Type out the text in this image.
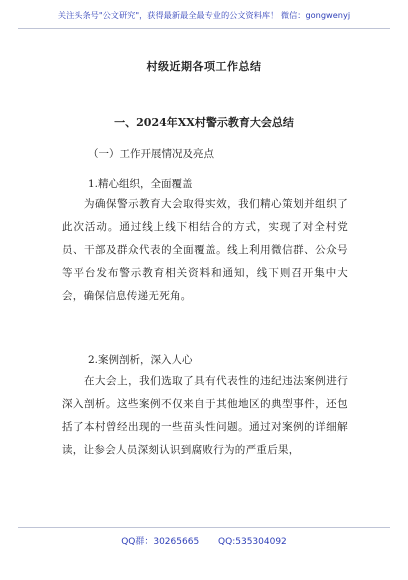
关注头条号"公文研究"，获得最新最全最专业的公文资料库！ 微信：gongwenyj
村级近期各项工作总结
一、2024年XX村警示教育大会总结
（一）工作开展情况及亮点
1.精心组织，全面覆盖

为确保警示教育大会取得实效，我们精心策划并组织了此次活动。通过线上线下相结合的方式，实现了对全村党员、干部及群众代表的全面覆盖。线上利用微信群、公众号等平台发布警示教育相关资料和通知，线下则召开集中大会，确保信息传递无死角。

2.案例剖析，深入人心

在大会上，我们选取了具有代表性的违纪违法案例进行深入剖析。这些案例不仅来自于其他地区的典型事件，还包括了本村曾经出现的一些苗头性问题。通过对案例的详细解读，让参会人员深刻认识到腐败行为的严重后果，

QQ群：30265665 QQ:535304092
